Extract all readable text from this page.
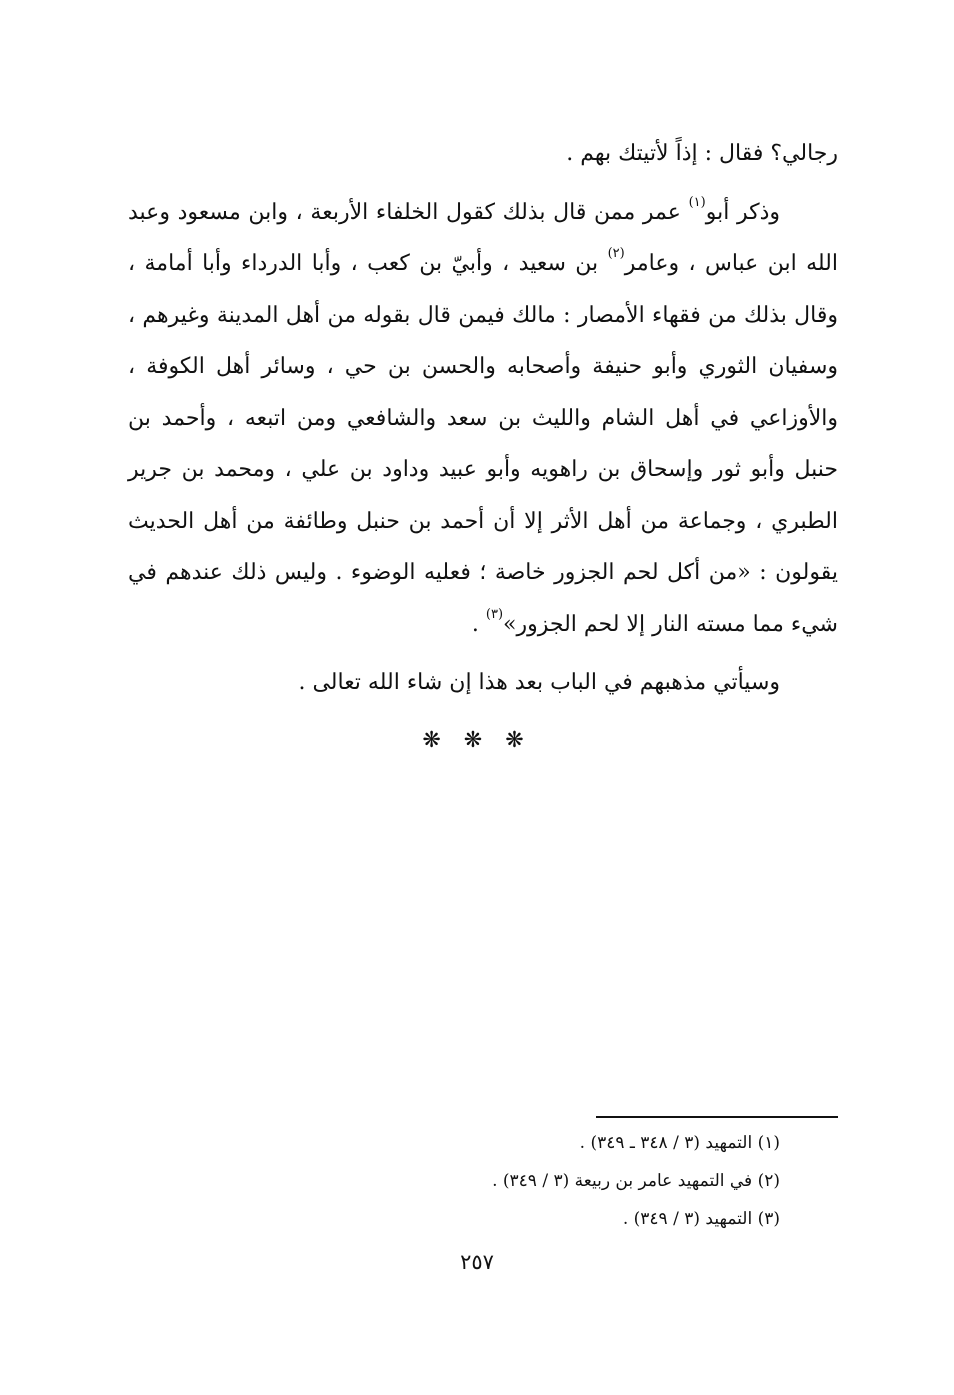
رجالي؟ فقال : إذاً لأتيتك بهم .

وذكر أبو$^{(١)}$ عمر ممن قال بذلك كقول الخلفاء الأربعة ، وابن مسعود وعبد الله ابن عباس ، وعامر$^{(٢)}$ بن سعيد ، وأبيّ بن كعب ، وأبا الدرداء وأبا أمامة ، وقال بذلك من فقهاء الأمصار : مالك فيمن قال بقوله من أهل المدينة وغيرهم ، وسفيان الثوري وأبو حنيفة وأصحابه والحسن بن حي ، وسائر أهل الكوفة ، والأوزاعي في أهل الشام والليث بن سعد والشافعي ومن اتبعه ، وأحمد بن حنبل وأبو ثور وإسحاق بن راهويه وأبو عبيد وداود بن علي ، ومحمد بن جرير الطبري ، وجماعة من أهل الأثر إلا أن أحمد بن حنبل وطائفة من أهل الحديث يقولون : «من أكل لحم الجزور خاصة ؛ فعليه الوضوء . وليس ذلك عندهم في شيء مما مسته النار إلا لحم الجزور»$^{(٣)}$ .

وسيأتي مذهبهم في الباب بعد هذا إن شاء الله تعالى .

❋ ❋ ❋
(١) التمهيد (٣ / ٣٤٨ ـ ٣٤٩) .
(٢) في التمهيد عامر بن ربيعة (٣ / ٣٤٩) .
(٣) التمهيد (٣ / ٣٤٩) .
٢٥٧
